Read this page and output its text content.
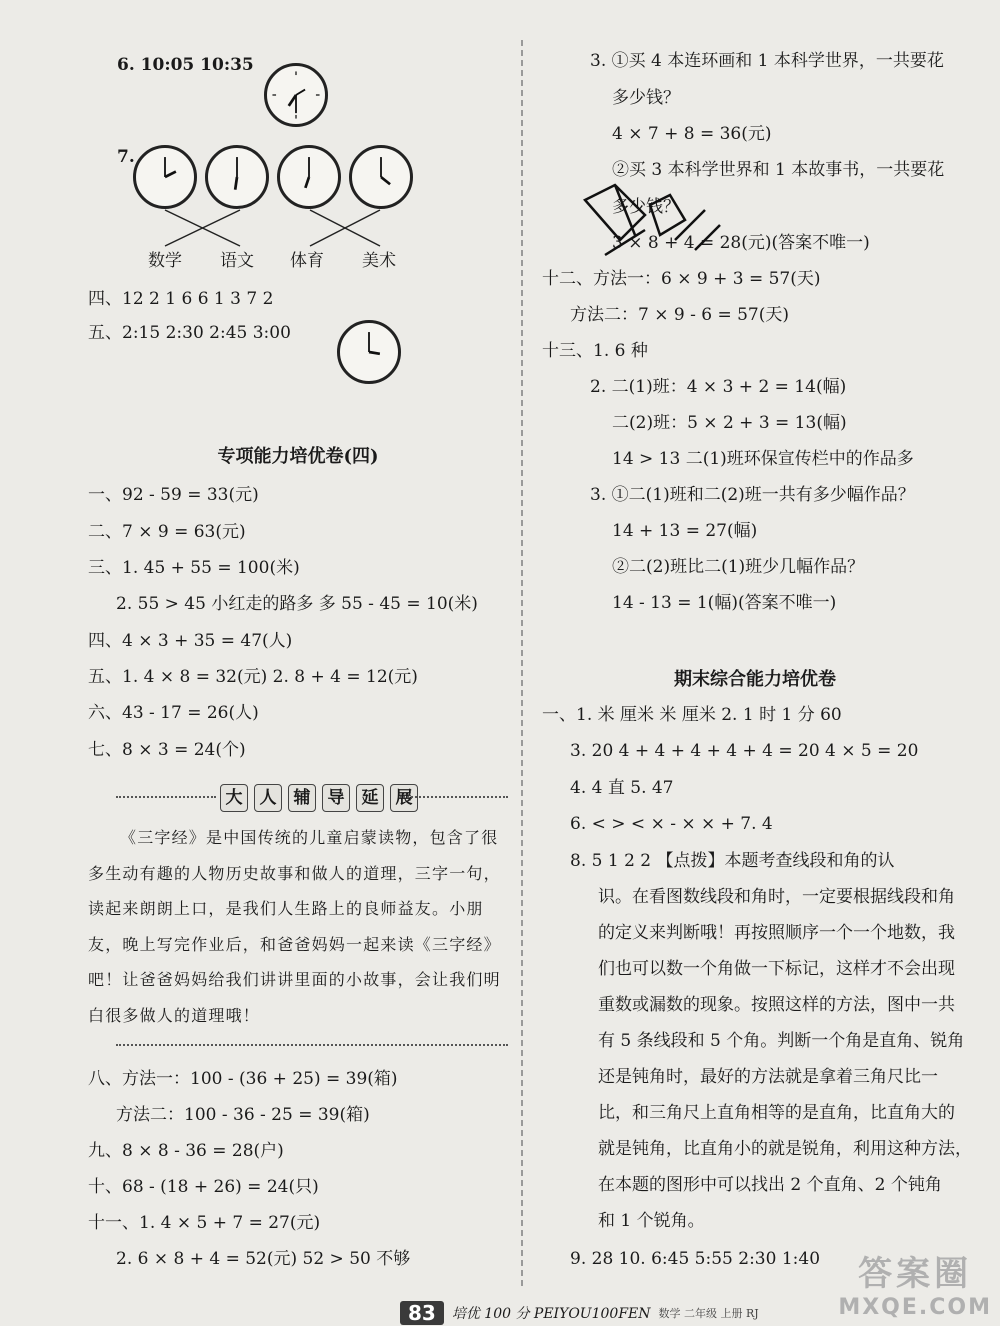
6. 10:05 10:35
7.
数学 语文 体育 美术
四、12 2 1 6 6 1 3 7 2
五、2:15 2:30 2:45 3:00
专项能力培优卷(四)
一、92 - 59 = 33(元)
二、7 × 9 = 63(元)
三、1. 45 + 55 = 100(米)
2. 55 > 45 小红走的路多 多 55 - 45 = 10(米)
四、4 × 3 + 35 = 47(人)
五、1. 4 × 8 = 32(元) 2. 8 + 4 = 12(元)
六、43 - 17 = 26(人)
七、8 × 3 = 24(个)
大	人	辅	导	延	展
《三字经》是中国传统的儿童启蒙读物，包含了很多生动有趣的人物历史故事和做人的道理，三字一句，读起来朗朗上口，是我们人生路上的良师益友。小朋友，晚上写完作业后，和爸爸妈妈一起来读《三字经》吧！让爸爸妈妈给我们讲讲里面的小故事，会让我们明白很多做人的道理哦！
八、方法一：100 - (36 + 25) = 39(箱)
方法二：100 - 36 - 25 = 39(箱)
九、8 × 8 - 36 = 28(户)
十、68 - (18 + 26) = 24(只)
十一、1. 4 × 5 + 7 = 27(元)
2. 6 × 8 + 4 = 52(元) 52 > 50 不够
3. ①买 4 本连环画和 1 本科学世界，一共要花
多少钱？
4 × 7 + 8 = 36(元)
②买 3 本科学世界和 1 本故事书，一共要花
多少钱？
3 × 8 + 4 = 28(元)(答案不唯一)
十二、方法一：6 × 9 + 3 = 57(天)
方法二：7 × 9 - 6 = 57(天)
十三、1. 6 种
2. 二(1)班：4 × 3 + 2 = 14(幅)
二(2)班：5 × 2 + 3 = 13(幅)
14 > 13 二(1)班环保宣传栏中的作品多
3. ①二(1)班和二(2)班一共有多少幅作品？
14 + 13 = 27(幅)
②二(2)班比二(1)班少几幅作品？
14 - 13 = 1(幅)(答案不唯一)
期末综合能力培优卷
一、1. 米 厘米 米 厘米 2. 1 时 1 分 60
3. 20 4 + 4 + 4 + 4 + 4 = 20 4 × 5 = 20
4. 4 直 5. 47
6. < > < × - × × + 7. 4
8. 5 1 2 2 【点拨】本题考查线段和角的认
识。在看图数线段和角时，一定要根据线段和角
的定义来判断哦！再按照顺序一个一个地数，我
们也可以数一个角做一下标记，这样才不会出现
重数或漏数的现象。按照这样的方法，图中一共
有 5 条线段和 5 个角。判断一个角是直角、锐角
还是钝角时，最好的方法就是拿着三角尺比一
比，和三角尺上直角相等的是直角，比直角大的
就是钝角，比直角小的就是锐角，利用这种方法，
在本题的图形中可以找出 2 个直角、2 个钝角
和 1 个锐角。
9. 28 10. 6:45 5:55 2:30 1:40
83	培优 100 分 PEIYOU100FEN 数学 二年级 上册 RJ
答案圈
MXQE.COM
